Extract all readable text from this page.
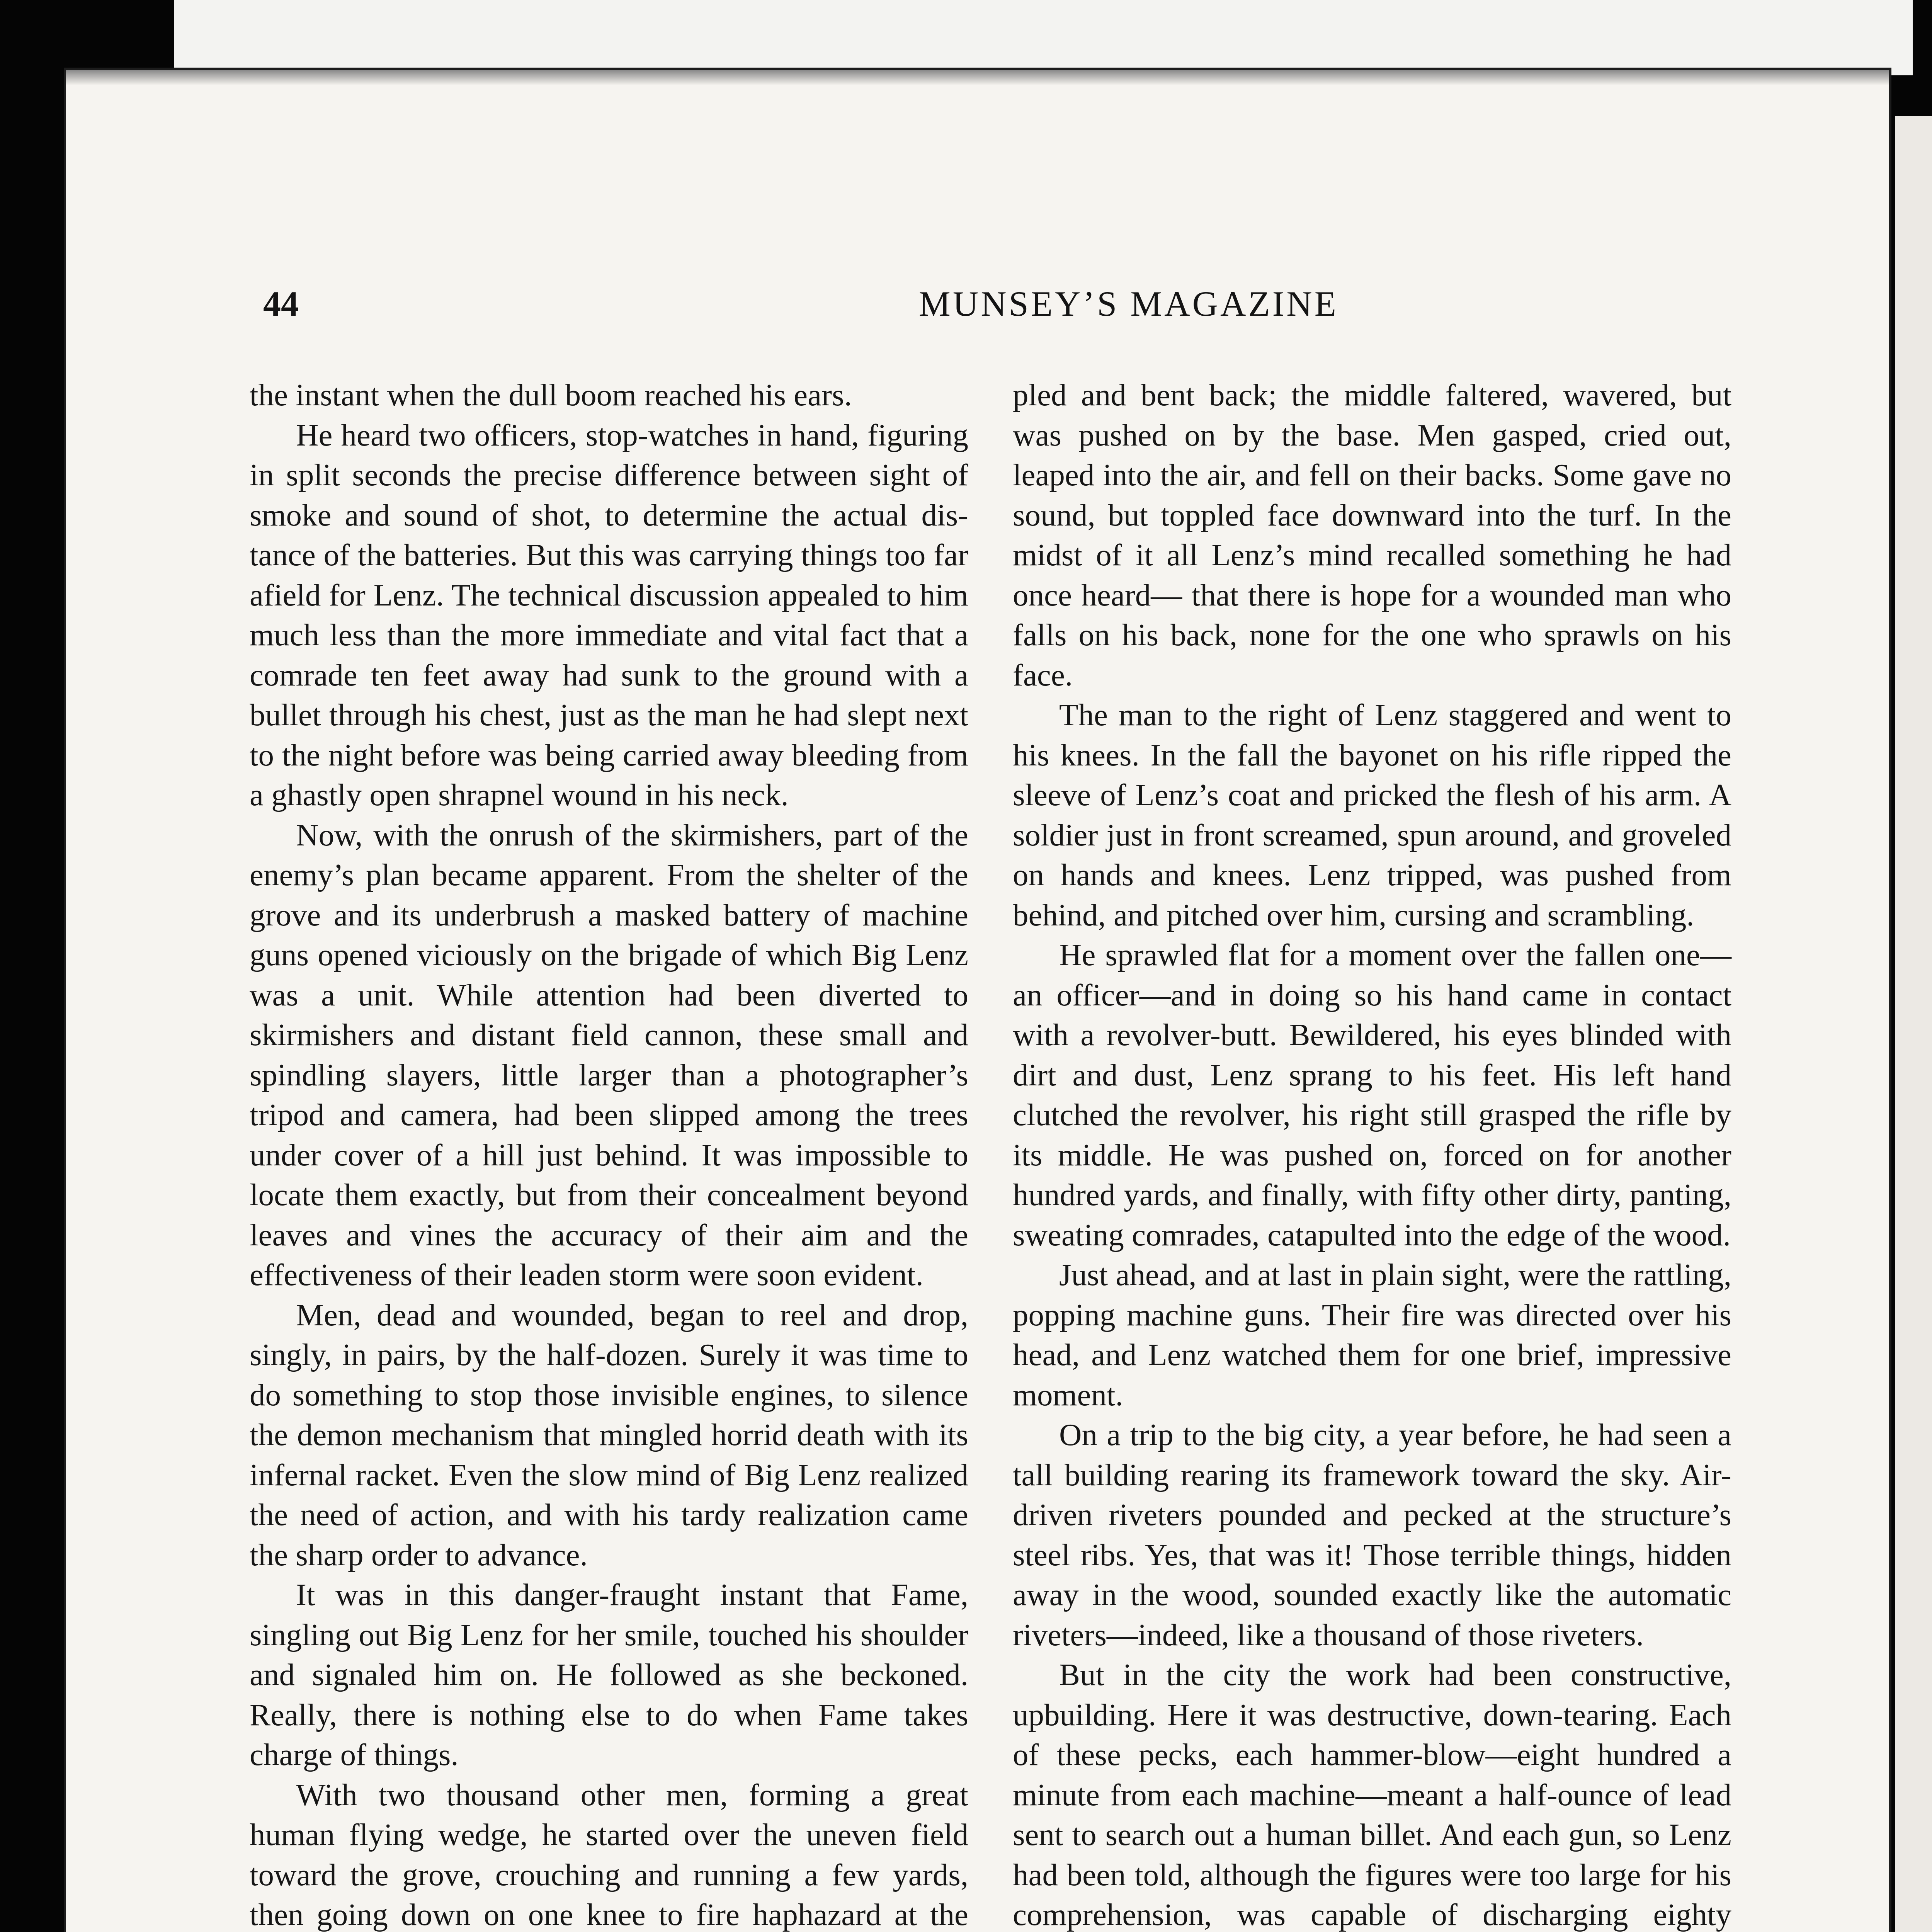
44	MUNSEY’S MAGAZINE

the instant when the dull boom reached his ears.

He heard two officers, stop-watches in hand, figuring in split seconds the precise difference between sight of smoke and sound of shot, to determine the actual distance of the batteries. But this was carrying things too far afield for Lenz. The technical discussion appealed to him much less than the more immediate and vital fact that a comrade ten feet away had sunk to the ground with a bullet through his chest, just as the man he had slept next to the night before was being carried away bleeding from a ghastly open shrapnel wound in his neck.

Now, with the onrush of the skirmishers, part of the enemy’s plan became apparent. From the shelter of the grove and its underbrush a masked battery of machine guns opened viciously on the brigade of which Big Lenz was a unit. While attention had been diverted to skirmishers and distant field cannon, these small and spindling slayers, little larger than a photographer’s tripod and camera, had been slipped among the trees under cover of a hill just behind. It was impossible to locate them exactly, but from their concealment beyond leaves and vines the accuracy of their aim and the effectiveness of their leaden storm were soon evident.

Men, dead and wounded, began to reel and drop, singly, in pairs, by the half-dozen. Surely it was time to do something to stop those invisible engines, to silence the demon mechanism that mingled horrid death with its infernal racket. Even the slow mind of Big Lenz realized the need of action, and with his tardy realization came the sharp order to advance.

It was in this danger-fraught instant that Fame, singling out Big Lenz for her smile, touched his shoulder and signaled him on. He followed as she beckoned. Really, there is nothing else to do when Fame takes charge of things.

With two thousand other men, forming a great human flying wedge, he started over the uneven field toward the grove, crouching and running a few yards, then going down on one knee to fire haphazard at the

pled and bent back; the middle faltered, wavered, but was pushed on by the base. Men gasped, cried out, leaped into the air, and fell on their backs. Some gave no sound, but toppled face downward into the turf. In the midst of it all Lenz’s mind recalled something he had once heard— that there is hope for a wounded man who falls on his back, none for the one who sprawls on his face.

The man to the right of Lenz staggered and went to his knees. In the fall the bayonet on his rifle ripped the sleeve of Lenz’s coat and pricked the flesh of his arm. A soldier just in front screamed, spun around, and groveled on hands and knees. Lenz tripped, was pushed from behind, and pitched over him, cursing and scrambling.

He sprawled flat for a moment over the fallen one—an officer—and in doing so his hand came in contact with a revolver-butt. Bewildered, his eyes blinded with dirt and dust, Lenz sprang to his feet. His left hand clutched the revolver, his right still grasped the rifle by its middle. He was pushed on, forced on for another hundred yards, and finally, with fifty other dirty, panting, sweating comrades, catapulted into the edge of the wood.

Just ahead, and at last in plain sight, were the rattling, popping machine guns. Their fire was directed over his head, and Lenz watched them for one brief, impressive moment.

On a trip to the big city, a year before, he had seen a tall building rearing its framework toward the sky. Air-driven riveters pounded and pecked at the structure’s steel ribs. Yes, that was it! Those terrible things, hidden away in the wood, sounded exactly like the automatic riveters—indeed, like a thousand of those riveters.

But in the city the work had been constructive, upbuilding. Here it was destructive, down-tearing. Each of these pecks, each hammer-blow—eight hundred a minute from each machine—meant a half-ounce of lead sent to search out a human billet. And each gun, so Lenz had been told, although the figures were too large for his comprehension, was capable of discharging eighty
